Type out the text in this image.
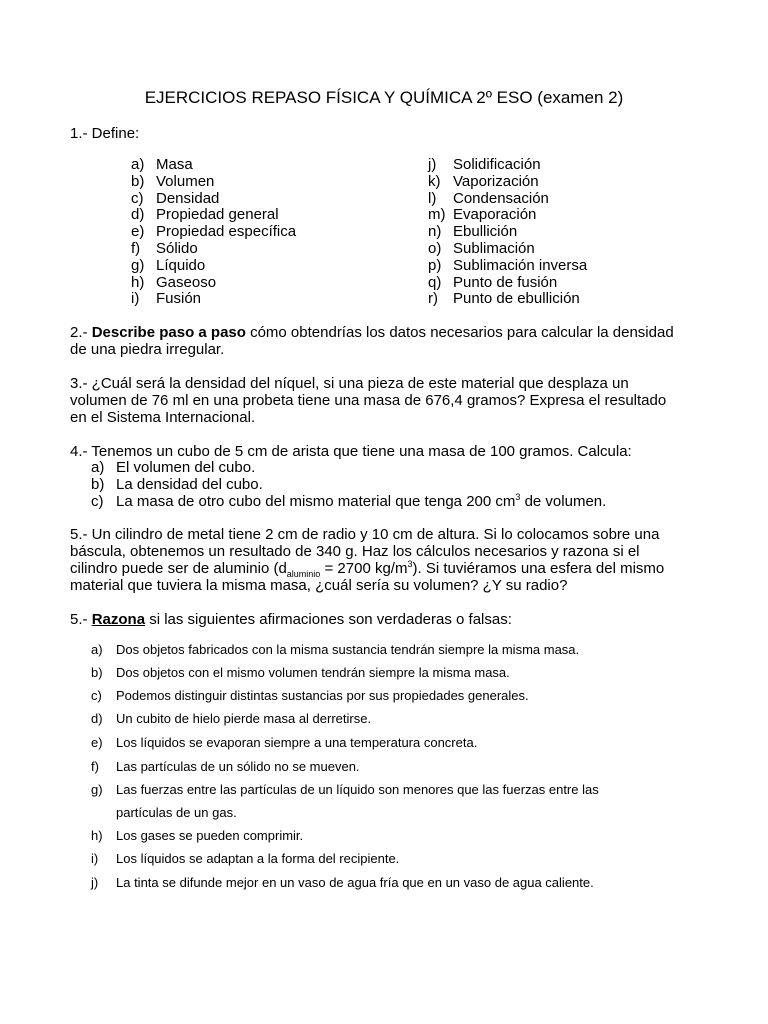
EJERCICIOS REPASO FÍSICA Y QUÍMICA 2º ESO (examen 2)
1.- Define:
a) Masa
b) Volumen
c) Densidad
d) Propiedad general
e) Propiedad específica
f)	Sólido
g) Líquido
h) Gaseoso
i)	Fusión
j)	Solidificación
k) Vaporización
l)	Condensación
m) Evaporación
n) Ebullición
o) Sublimación
p) Sublimación inversa
q) Punto de fusión
r)	Punto de ebullición
2.- Describe paso a paso cómo obtendrías los datos necesarios para calcular la densidad
de una piedra irregular.
3.- ¿Cuál será la densidad del níquel, si una pieza de este material que desplaza un
volumen de 76 ml en una probeta tiene una masa de 676,4 gramos? Expresa el resultado
en el Sistema Internacional.
4.- Tenemos un cubo de 5 cm de arista que tiene una masa de 100 gramos. Calcula:
a) El volumen del cubo.
b) La densidad del cubo.
c) La masa de otro cubo del mismo material que tenga 200 $cm^3$ de volumen.
5.- Un cilindro de metal tiene 2 cm de radio y 10 cm de altura. Si lo colocamos sobre una
báscula, obtenemos un resultado de 340 g. Haz los cálculos necesarios y razona si el
cilindro puede ser de aluminio ($d_{aluminio} = 2700$ $kg/m^3$). Si tuviéramos una esfera del mismo
material que tuviera la misma masa, ¿cuál sería su volumen? ¿Y su radio?
5.- Razona si las siguientes afirmaciones son verdaderas o falsas:
a)	Dos objetos fabricados con la misma sustancia tendrán siempre la misma masa.
b)	Dos objetos con el mismo volumen tendrán siempre la misma masa.
c)	Podemos distinguir distintas sustancias por sus propiedades generales.
d)	Un cubito de hielo pierde masa al derretirse.
e)	Los líquidos se evaporan siempre a una temperatura concreta.
f)	Las partículas de un sólido no se mueven.
g)	Las fuerzas entre las partículas de un líquido son menores que las fuerzas entre las
partículas de un gas.
h)	Los gases se pueden comprimir.
i)	Los líquidos se adaptan a la forma del recipiente.
j)	La tinta se difunde mejor en un vaso de agua fría que en un vaso de agua caliente.
